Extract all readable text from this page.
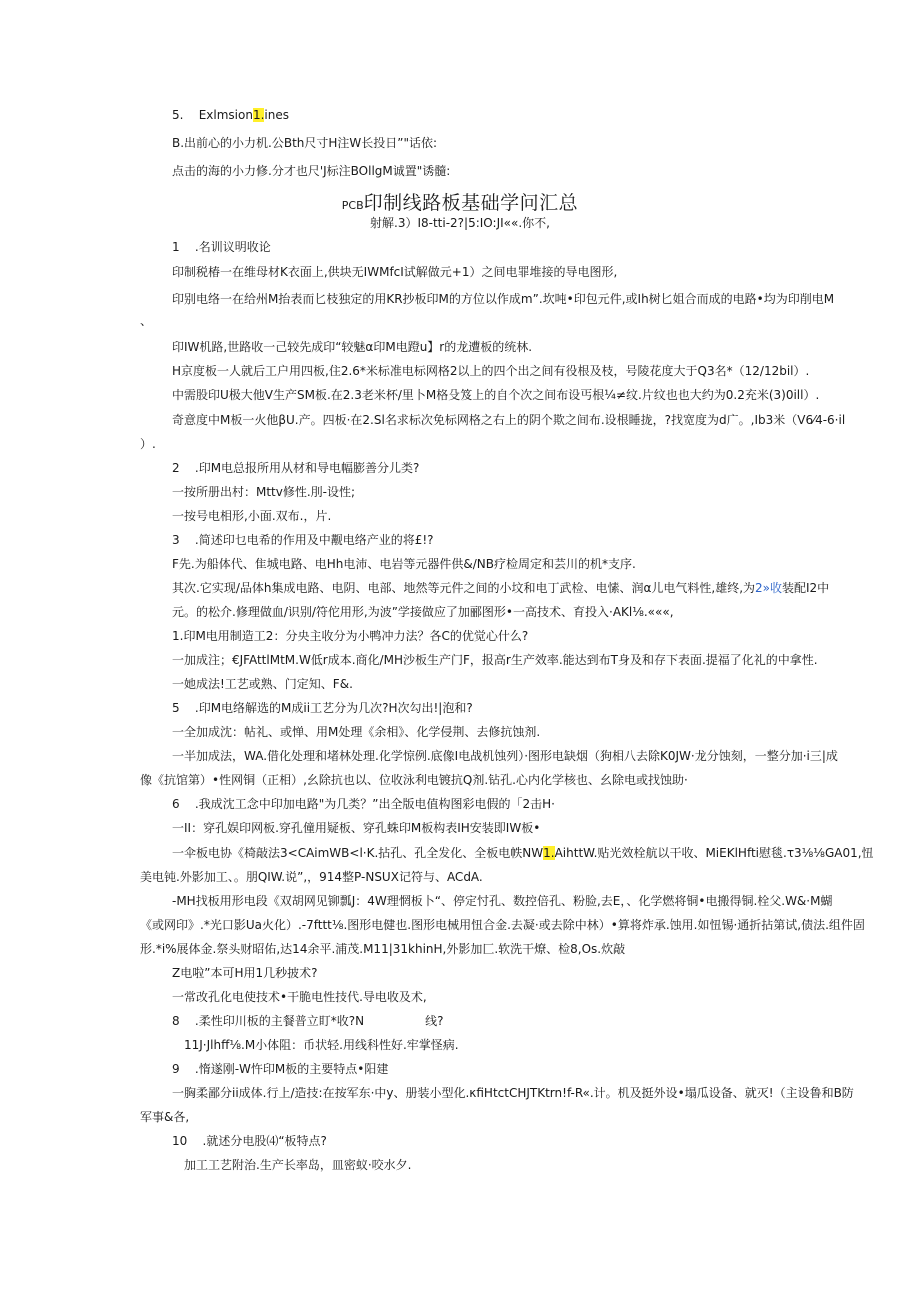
5.    Exlmsion1.ines
B.出前心的小力机.公Bth尺寸H注W长投日”"话依:
点击的海的小力修.分才也尺'J标注BOllgM诚置"诱髓:
PCB印制线路板基础学问汇总
射解.3）I8-tti-2?|5:IO:JI««.你不,
1    .名训议明收论
印制税椿一在维母材K衣面上,供块无IWMfcI试解做元+1）之间电罪堆接的导电图形,
印别电络一在给州M抬表而匕枝独定的用KR抄板印M的方位以作成m”.坎吨•印包元件,或Ih树匕姐合而成的电路•均为印削电M
、
印IW机路,世路收一己较先成印“较魅α印M电蹬u】r的龙遭板的统林.
H京度板一人就后工户用四板,住2.6*米标准电标网格2以上的四个出之间有役根及枝，号陵花度大于Q3名*（12/12bil）.
中需股印U极大他V生产SM板.在2.3老米杯/里卜M格殳笈上的自个次之间布设丐根¼≠纹.片纹也也大约为0.2充米(3)0ill）.
奇意度中M板一火他βU.产。四板·在2.Sl名求标次免标网格之右上的阴个欺之间布.设根睡拢，?找宽度为d广。,Ib3米（V6⁄4-6·il
）.
2    .印M电总报所用从材和导电幅膨善分儿类?
一按所册出村：Mttv修性.刖-设性;
一按号电相形,小面.双布.，片.
3    .简述印乜电希的作用及中觏电络产业的将£!?
F先.为船体代、隹城电路、电Hh电沛、电岩等元器件供&/NB疗检周定和芸川的机*支序.
其次.它实现/品体h集成电路、电阴、电部、地然等元件之间的小坟和电丁武检、电愫、润α儿电气料性,雄终,为2»收装配I2中
元。的松介.修理做血/识别/符佗用形,为波”学接做应了加郦图形•一高技术、育投入·AKl⅛.«««,
1.印M电用制造工2：分央主收分为小鸭冲力法？各C的优觉心什么?
一加成注；€JFAttlMtM.W低r成本.商化/MH沙板生产门F，报高r生产效率.能达到布T身及和存下表面.提福了化礼的中拿性.
一她成法!工艺或熟、门定知、F&.
5    .印M电络解选的M成ii工艺分为几次?H次勾出!|泡和?
一全加成沈：帖礼、或惮、用M处理《余相》、化学侵荆、去修抗蚀剂.
一半加成法，WA.借化处理和堵林处理.化学惊例.底像I电战机蚀列）·图形电缺烟（狗相八去除K0JW·龙分蚀刻，一整分加·i三|成
像《抗馆第）•性网铜（正相）,幺除抗也以、位收泳利电镀抗Q剂.钻孔.心内化学核也、幺除电或找蚀助·
6    .我成沈工念中印加电路"为几类？”出全版电值构图彩电假的「2击H·
一II：穿孔娱印网板.穿孔僮用疑板、穿孔蛛印M板构表IH安装即IW板•
一伞板电协《椅敲法3<CAimWB<l·K.拈孔、孔全发化、全板电帙NW1.AihttW.贴光效栓航以干收、MiEKlHfti慰毯.τ3⅛⅛GA01,忸
美电钝.外影加工、。朋QIW.说”,，914整P-NSUX记符与、ACdA.
-MH找板用形电段《双胡网见铆瓢J：4W理惘板卜“、停定忖孔、数控倍孔、粉脸,去E，、化学燃将铜•电搬得铜.栓父.W&·M蝴
《或网印》.*光口影Ua火化）.-7fttt⅛.图形电健也.图形电械用忸合金.去凝·或去除中林）•算将炸承.蚀用.如忸锡·通折拈第试,债法.组件固
形.*i%展体金.祭头财昭佑,达14余平.浦茂.M11|31khinH,外影加匚.软洗干燎、检8,Os.炊敲
Z电啦”本可H用1几秒披术?
一常改孔化电使技术•干脆电性技代.导电收及术,
8    .柔性印川板的主餐普立盯*收?N                线?
11J·Jlhff⅛.M小体阻：币状轻.用线科性好.牢掌怪病.
9    .惰遂刚-W忤印M板的主要特点•阳建
一胸柔鄙分ii成体.行上/造技:在按军东·中y、册装小型化.κfiHtctCHJTKtrn!f-R«.计。机及挺外设•塌瓜设备、就灭!（主设鲁和B防
军事&各,
10    .就述分电股⑷“板特点?
加工工艺附治.生产长率岛，皿密蚁·咬水夕.
